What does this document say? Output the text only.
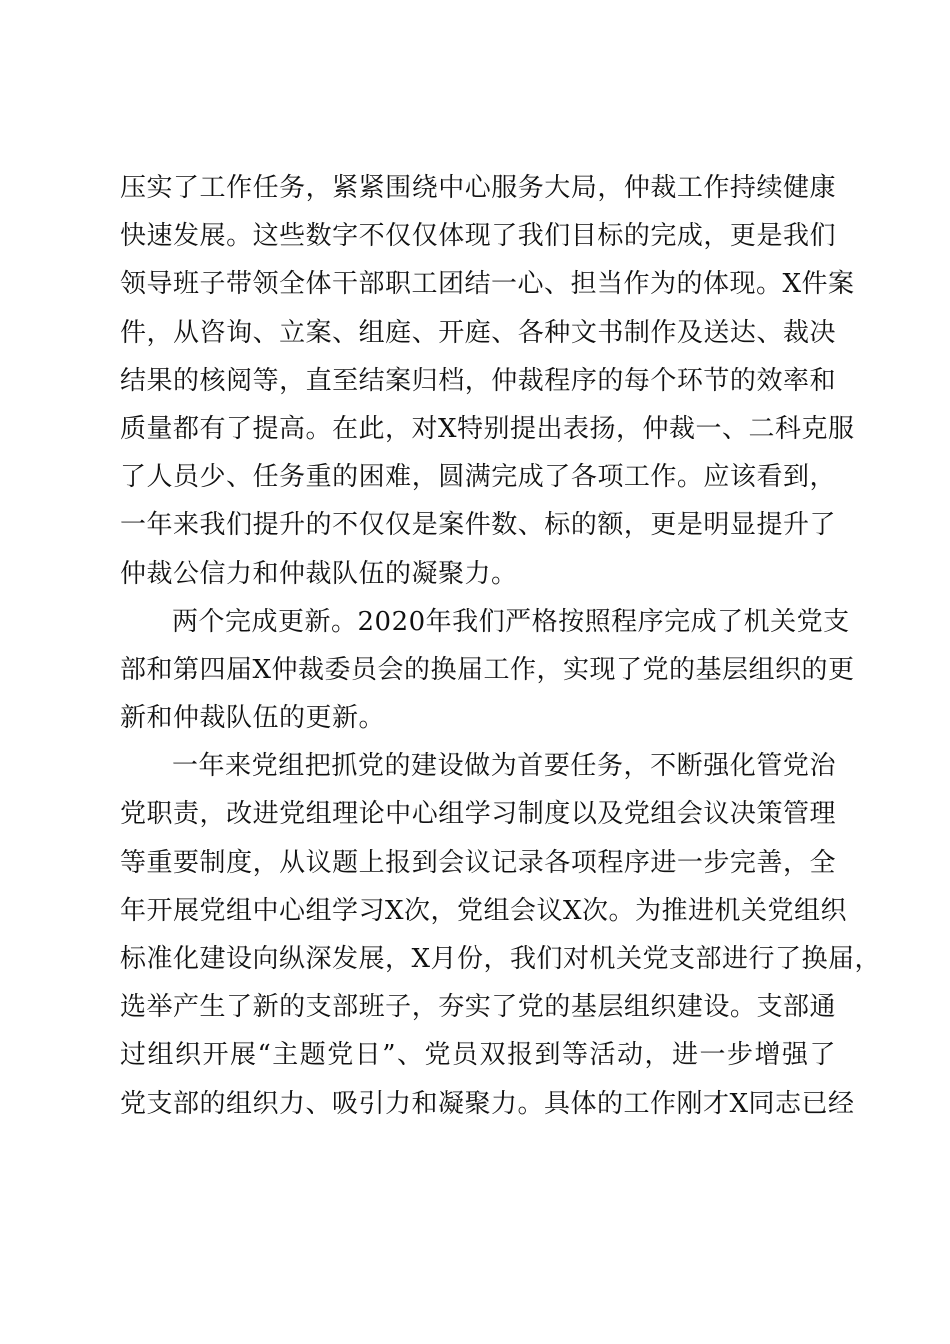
压实了工作任务，紧紧围绕中心服务大局，仲裁工作持续健康
快速发展。这些数字不仅仅体现了我们目标的完成，更是我们
领导班子带领全体干部职工团结一心、担当作为的体现。X件案
件，从咨询、立案、组庭、开庭、各种文书制作及送达、裁决
结果的核阅等，直至结案归档，仲裁程序的每个环节的效率和
质量都有了提高。在此，对X特别提出表扬，仲裁一、二科克服
了人员少、任务重的困难，圆满完成了各项工作。应该看到，
一年来我们提升的不仅仅是案件数、标的额，更是明显提升了
仲裁公信力和仲裁队伍的凝聚力。
两个完成更新。2020年我们严格按照程序完成了机关党支
部和第四届X仲裁委员会的换届工作，实现了党的基层组织的更
新和仲裁队伍的更新。
一年来党组把抓党的建设做为首要任务，不断强化管党治
党职责，改进党组理论中心组学习制度以及党组会议决策管理
等重要制度，从议题上报到会议记录各项程序进一步完善，全
年开展党组中心组学习X次，党组会议X次。为推进机关党组织
标准化建设向纵深发展，X月份，我们对机关党支部进行了换届，
选举产生了新的支部班子，夯实了党的基层组织建设。支部通
过组织开展“主题党日”、党员双报到等活动，进一步增强了
党支部的组织力、吸引力和凝聚力。具体的工作刚才X同志已经
